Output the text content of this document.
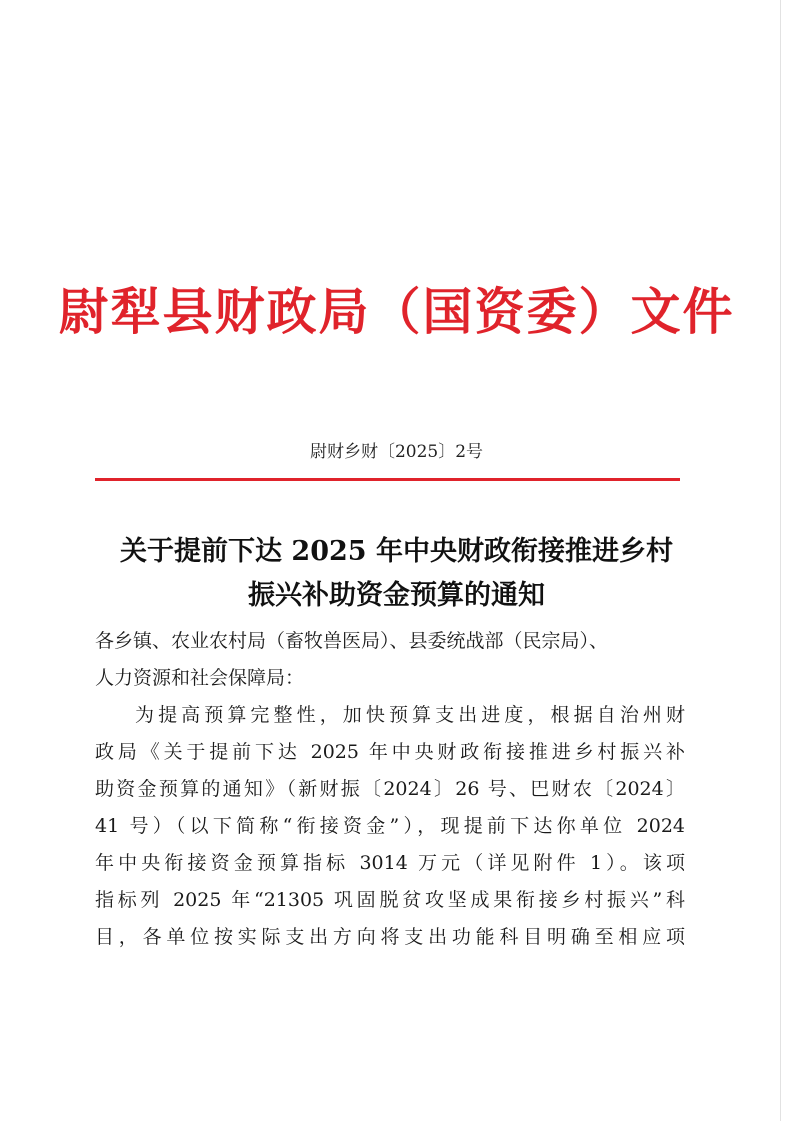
尉犁县财政局（国资委）文件
尉财乡财〔2025〕2号
关于提前下达 2025 年中央财政衔接推进乡村
振兴补助资金预算的通知
各乡镇、农业农村局（畜牧兽医局）、县委统战部（民宗局）、
人力资源和社会保障局：
为提高预算完整性，加快预算支出进度，根据自治州财
政局《关于提前下达 2025 年中央财政衔接推进乡村振兴补
助资金预算的通知》（新财振〔2024〕26 号、巴财农〔2024〕
41 号）（以下简称“衔接资金”），现提前下达你单位 2024
年中央衔接资金预算指标 3014 万元（详见附件 1）。该项
指标列 2025 年“21305 巩固脱贫攻坚成果衔接乡村振兴”科
目，各单位按实际支出方向将支出功能科目明确至相应项
